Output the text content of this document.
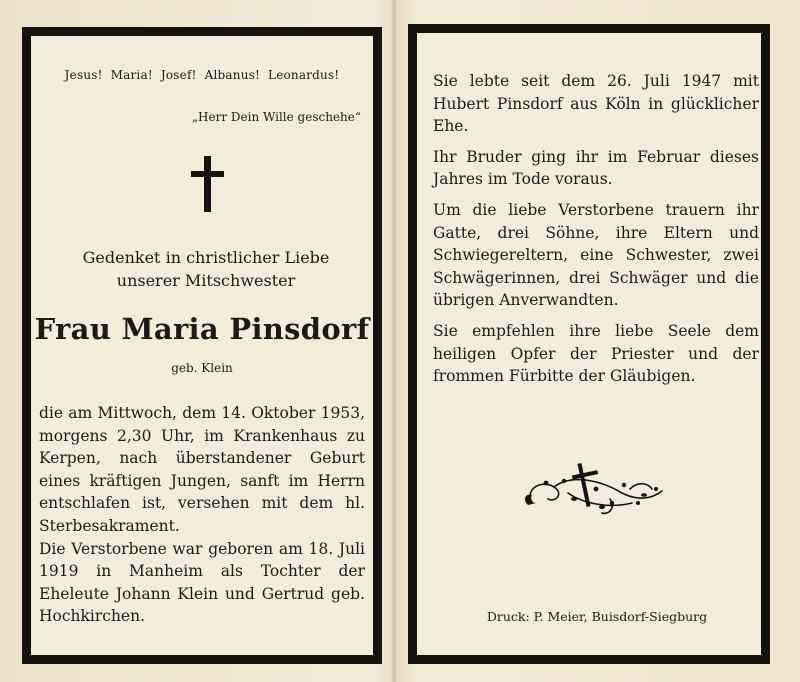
Jesus! Maria! Josef! Albanus! Leonardus!
„Herr Dein Wille geschehe“
Gedenket in christlicher Liebe
unserer Mitschwester
Frau Maria Pinsdorf
geb. Klein

die am Mittwoch, dem 14. Oktober 1953, morgens 2,30 Uhr, im Krankenhaus zu Kerpen, nach überstandener Geburt eines kräftigen Jungen, sanft im Herrn entschlafen ist, versehen mit dem hl. Sterbesakrament.

Die Verstorbene war geboren am 18. Juli 1919 in Manheim als Tochter der Eheleute Johann Klein und Gertrud geb. Hochkirchen.

Sie lebte seit dem 26. Juli 1947 mit Hubert Pinsdorf aus Köln in glücklicher Ehe.

Ihr Bruder ging ihr im Februar dieses Jahres im Tode voraus.

Um die liebe Verstorbene trauern ihr Gatte, drei Söhne, ihre Eltern und Schwiegereltern, eine Schwester, zwei Schwägerinnen, drei Schwäger und die übrigen Anverwandten.

Sie empfehlen ihre liebe Seele dem heiligen Opfer der Priester und der frommen Fürbitte der Gläubigen.

Druck: P. Meier, Buisdorf-Siegburg
